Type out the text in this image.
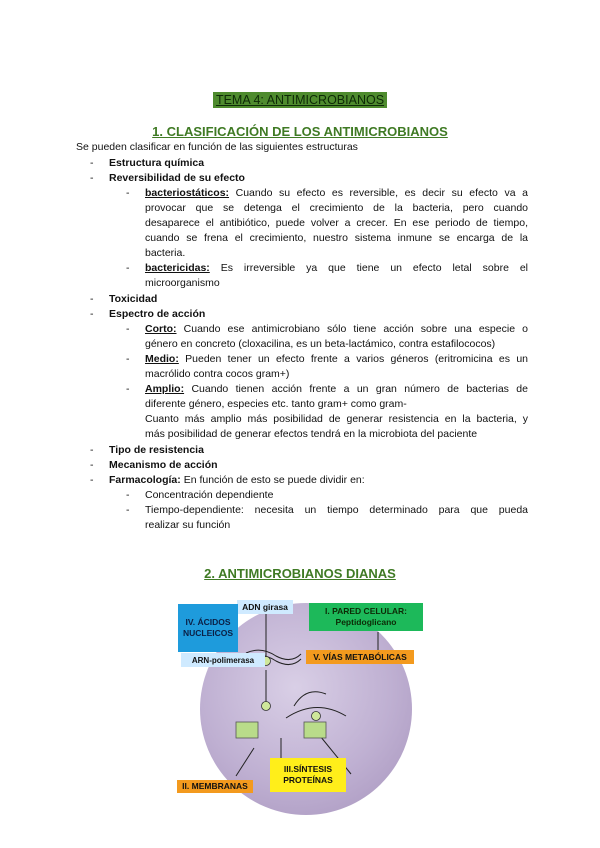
TEMA 4: ANTIMICROBIANOS
1. CLASIFICACIÓN DE LOS ANTIMICROBIANOS
Se pueden clasificar en función de las siguientes estructuras
- Estructura química
- Reversibilidad de su efecto
- bacteriostáticos: Cuando su efecto es reversible, es decir su efecto va a
provocar que se detenga el crecimiento de la bacteria, pero cuando
desaparece el antibiótico, puede volver a crecer. En ese periodo de tiempo,
cuando se frena el crecimiento, nuestro sistema inmune se encarga de la
bacteria.
- bactericidas: Es irreversible ya que tiene un efecto letal sobre el
microorganismo
- Toxicidad
- Espectro de acción
- Corto: Cuando ese antimicrobiano sólo tiene acción sobre una especie o
género en concreto (cloxacilina, es un beta-lactámico, contra estafilococos)
- Medio: Pueden tener un efecto frente a varios géneros (eritromicina es un
macrólido contra cocos gram+)
- Amplio: Cuando tienen acción frente a un gran número de bacterias de
diferente género, especies etc. tanto gram+ como gram-
Cuanto más amplio más posibilidad de generar resistencia en la bacteria, y
más posibilidad de generar efectos tendrá en la microbiota del paciente
- Tipo de resistencia
- Mecanismo de acción
- Farmacología: En función de esto se puede dividir en:
- Concentración dependiente
- Tiempo-dependiente: necesita un tiempo determinado para que pueda
realizar su función
2. ANTIMICROBIANOS DIANAS
ADN girasa
IV. ÁCIDOS NUCLEICOS
I. PARED CELULAR:
Peptidoglicano
ARN-polimerasa	V. VÍAS METABÓLICAS
III.SÍNTESIS
PROTEÍNAS
II. MEMBRANAS
